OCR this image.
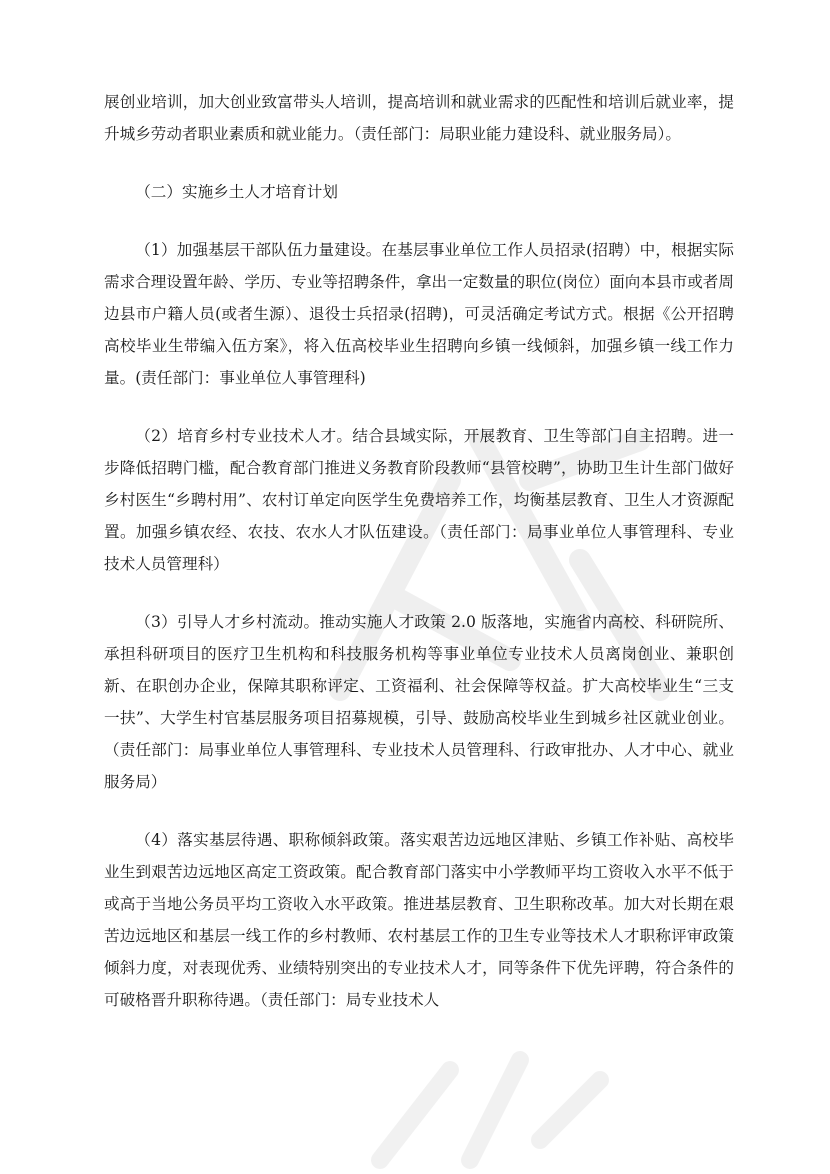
展创业培训，加大创业致富带头人培训，提高培训和就业需求的匹配性和培训后就业率，提升城乡劳动者职业素质和就业能力。（责任部门：局职业能力建设科、就业服务局）。

（二）实施乡土人才培育计划

（1）加强基层干部队伍力量建设。在基层事业单位工作人员招录(招聘）中，根据实际需求合理设置年龄、学历、专业等招聘条件，拿出一定数量的职位(岗位）面向本县市或者周边县市户籍人员(或者生源）、退役士兵招录(招聘)，可灵活确定考试方式。根据《公开招聘高校毕业生带编入伍方案》，将入伍高校毕业生招聘向乡镇一线倾斜，加强乡镇一线工作力量。(责任部门：事业单位人事管理科)

（2）培育乡村专业技术人才。结合县域实际，开展教育、卫生等部门自主招聘。进一步降低招聘门槛，配合教育部门推进义务教育阶段教师“县管校聘”，协助卫生计生部门做好乡村医生“乡聘村用”、农村订单定向医学生免费培养工作，均衡基层教育、卫生人才资源配置。加强乡镇农经、农技、农水人才队伍建设。（责任部门：局事业单位人事管理科、专业技术人员管理科）

（3）引导人才乡村流动。推动实施人才政策 2.0 版落地，实施省内高校、科研院所、承担科研项目的医疗卫生机构和科技服务机构等事业单位专业技术人员离岗创业、兼职创新、在职创办企业，保障其职称评定、工资福利、社会保障等权益。扩大高校毕业生“三支一扶”、大学生村官基层服务项目招募规模，引导、鼓励高校毕业生到城乡社区就业创业。（责任部门：局事业单位人事管理科、专业技术人员管理科、行政审批办、人才中心、就业服务局）

（4）落实基层待遇、职称倾斜政策。落实艰苦边远地区津贴、乡镇工作补贴、高校毕业生到艰苦边远地区高定工资政策。配合教育部门落实中小学教师平均工资收入水平不低于或高于当地公务员平均工资收入水平政策。推进基层教育、卫生职称改革。加大对长期在艰苦边远地区和基层一线工作的乡村教师、农村基层工作的卫生专业等技术人才职称评审政策倾斜力度，对表现优秀、业绩特别突出的专业技术人才，同等条件下优先评聘，符合条件的可破格晋升职称待遇。（责任部门：局专业技术人
